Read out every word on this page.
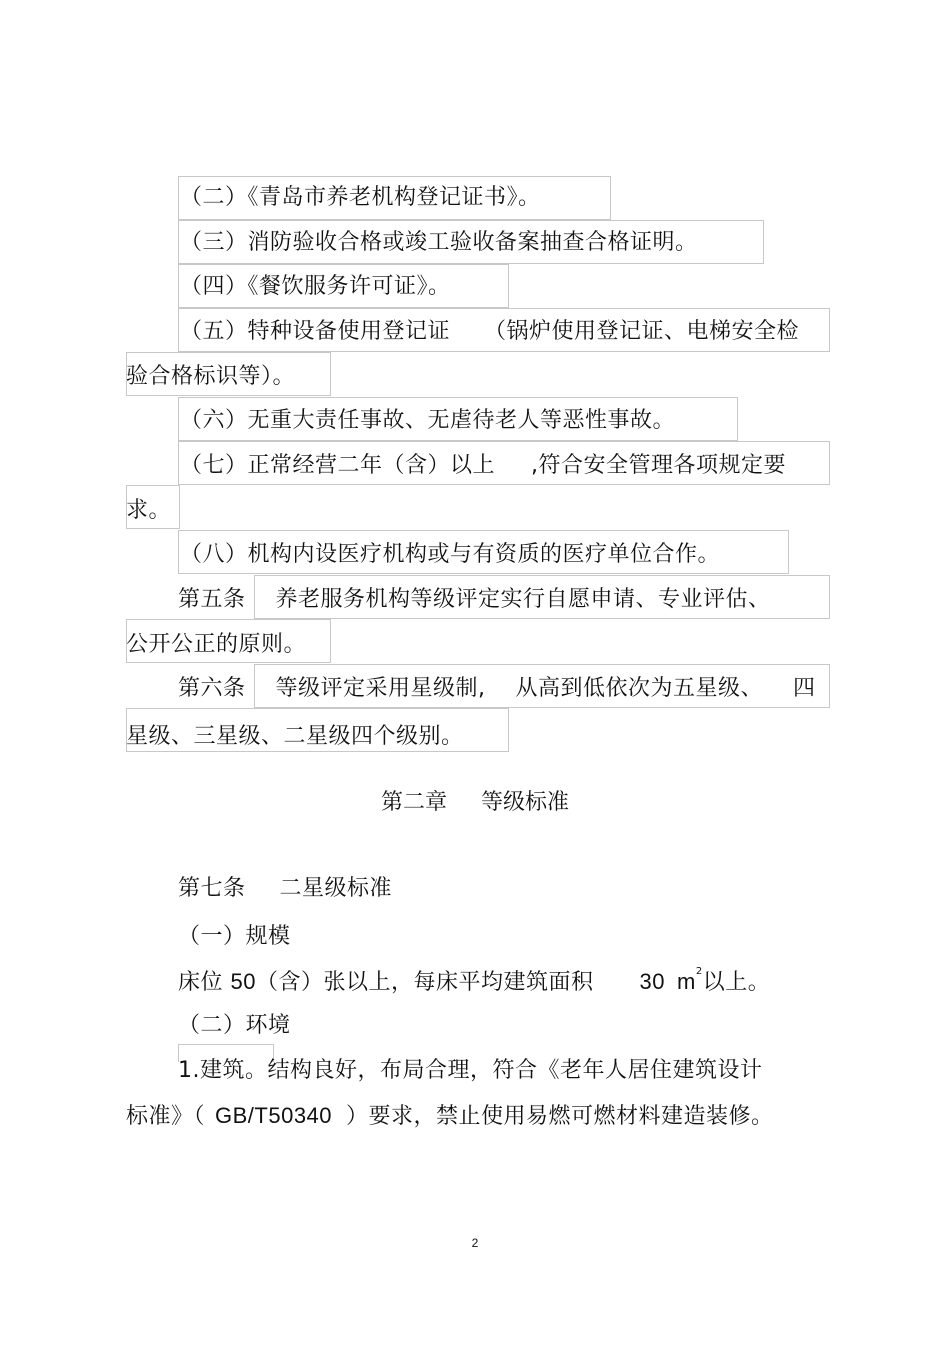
（二）《青岛市养老机构登记证书》。
（三）消防验收合格或竣工验收备案抽查合格证明。
（四）《餐饮服务许可证》。
（五）特种设备使用登记证 （锅炉使用登记证、电梯安全检
验合格标识等）。
（六）无重大责任事故、无虐待老人等恶性事故。
（七）正常经营二年（含）以上 ,符合安全管理各项规定要
求。
（八）机构内设医疗机构或与有资质的医疗单位合作。
第五条 养老服务机构等级评定实行自愿申请、专业评估、
公开公正的原则。
第六条 等级评定采用星级制, 从高到低依次为五星级、 四
星级、三星级、二星级四个级别。
第二章 等级标准
第七条 二星级标准
（一）规模
床位 50（含）张以上，每床平均建筑面积 30 $m^2$以上。
（二）环境
1.建筑。结构良好，布局合理，符合《老年人居住建筑设计
标准》（ GB/T50340 ）要求，禁止使用易燃可燃材料建造装修。
2
